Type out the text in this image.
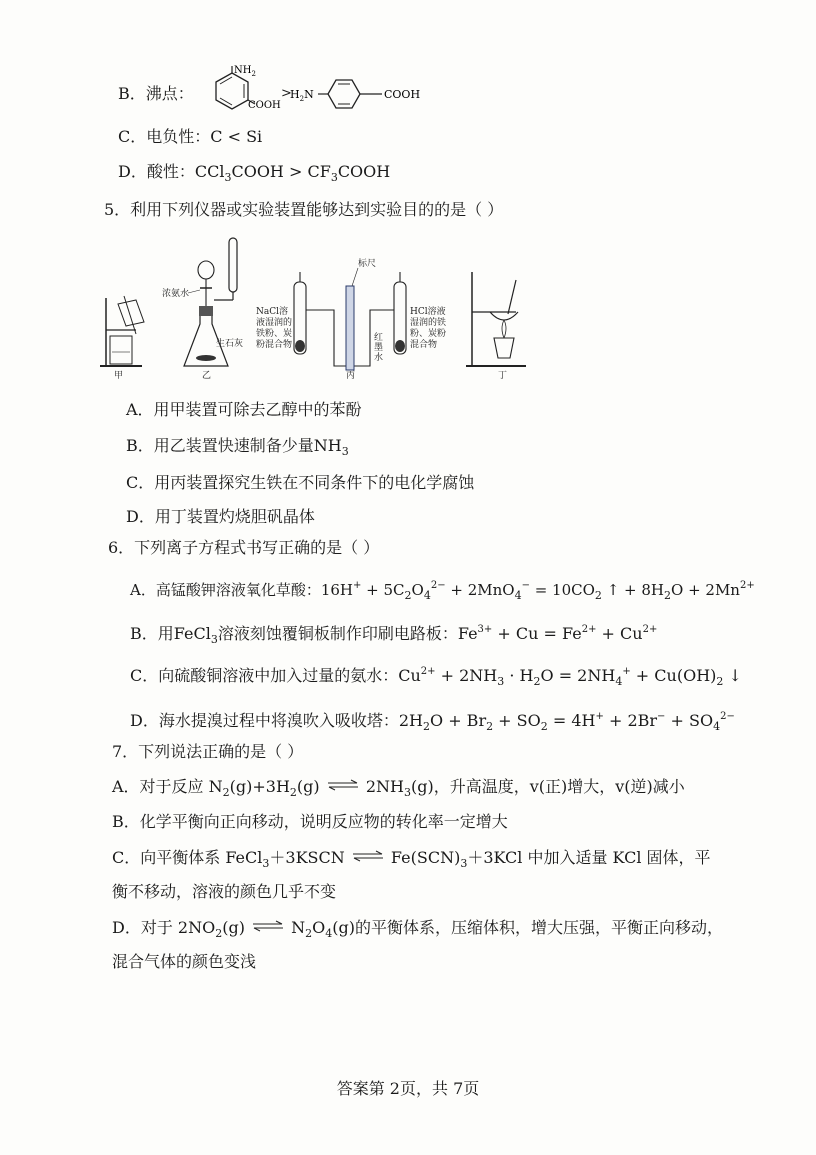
B．沸点：
$NH_2$
COOH
>
$H_2N$	COOH
C．电负性：C < Si
D．酸性：CCl$_3$COOH > $CF_3COOH$
5．利用下列仪器或实验装置能够达到实验目的的是（ ）
甲
浓氨水
生石灰
乙
标尺
NaCl溶
液湿润的
铁粉、炭
粉混合物
HCl溶液
湿润的铁
粉、炭粉
混合物
红
墨
水
丙	丁
A．用甲装置可除去乙醇中的苯酚
B．用乙装置快速制备少量$NH_3$
C．用丙装置探究生铁在不同条件下的电化学腐蚀
D．用丁装置灼烧胆矾晶体
6．下列离子方程式书写正确的是（ ）
A．高锰酸钾溶液氧化草酸：$16H^+ + 5C_2O_4^{2-} + 2MnO_4^- = 10CO_2$ ↑ + $8H_2O + 2Mn^{2+}$
B．用FeCl$_3$溶液刻蚀覆铜板制作印刷电路板：$Fe^{3+} + Cu = Fe^{2+} + Cu^{2+}$
C．向硫酸铜溶液中加入过量的氨水：$Cu^{2+} + 2NH_3 \cdot H_2O = 2NH_4^+ + Cu(OH)_2$ ↓
D．海水提溴过程中将溴吹入吸收塔：$2H_2O + Br_2 + SO_2 = 4H^+ + 2Br^- + SO_4^{2-}$
7．下列说法正确的是（ ）
A．对于反应 $N_2(g)+3H_2(g)$ ⇌ $2NH_3(g)$，升高温度，v(正)增大，v(逆)减小
B．化学平衡向正向移动，说明反应物的转化率一定增大
C．向平衡体系 FeCl$_3$＋3KSCN ⇌ $Fe(SCN)_3+3KCl$ 中加入适量 KCl 固体，平
衡不移动，溶液的颜色几乎不变
D．对于 $2NO_2(g)$ ⇌ $N_2O_4(g)$的平衡体系，压缩体积，增大压强，平衡正向移动，
混合气体的颜色变浅
答案第 2页，共 7页
